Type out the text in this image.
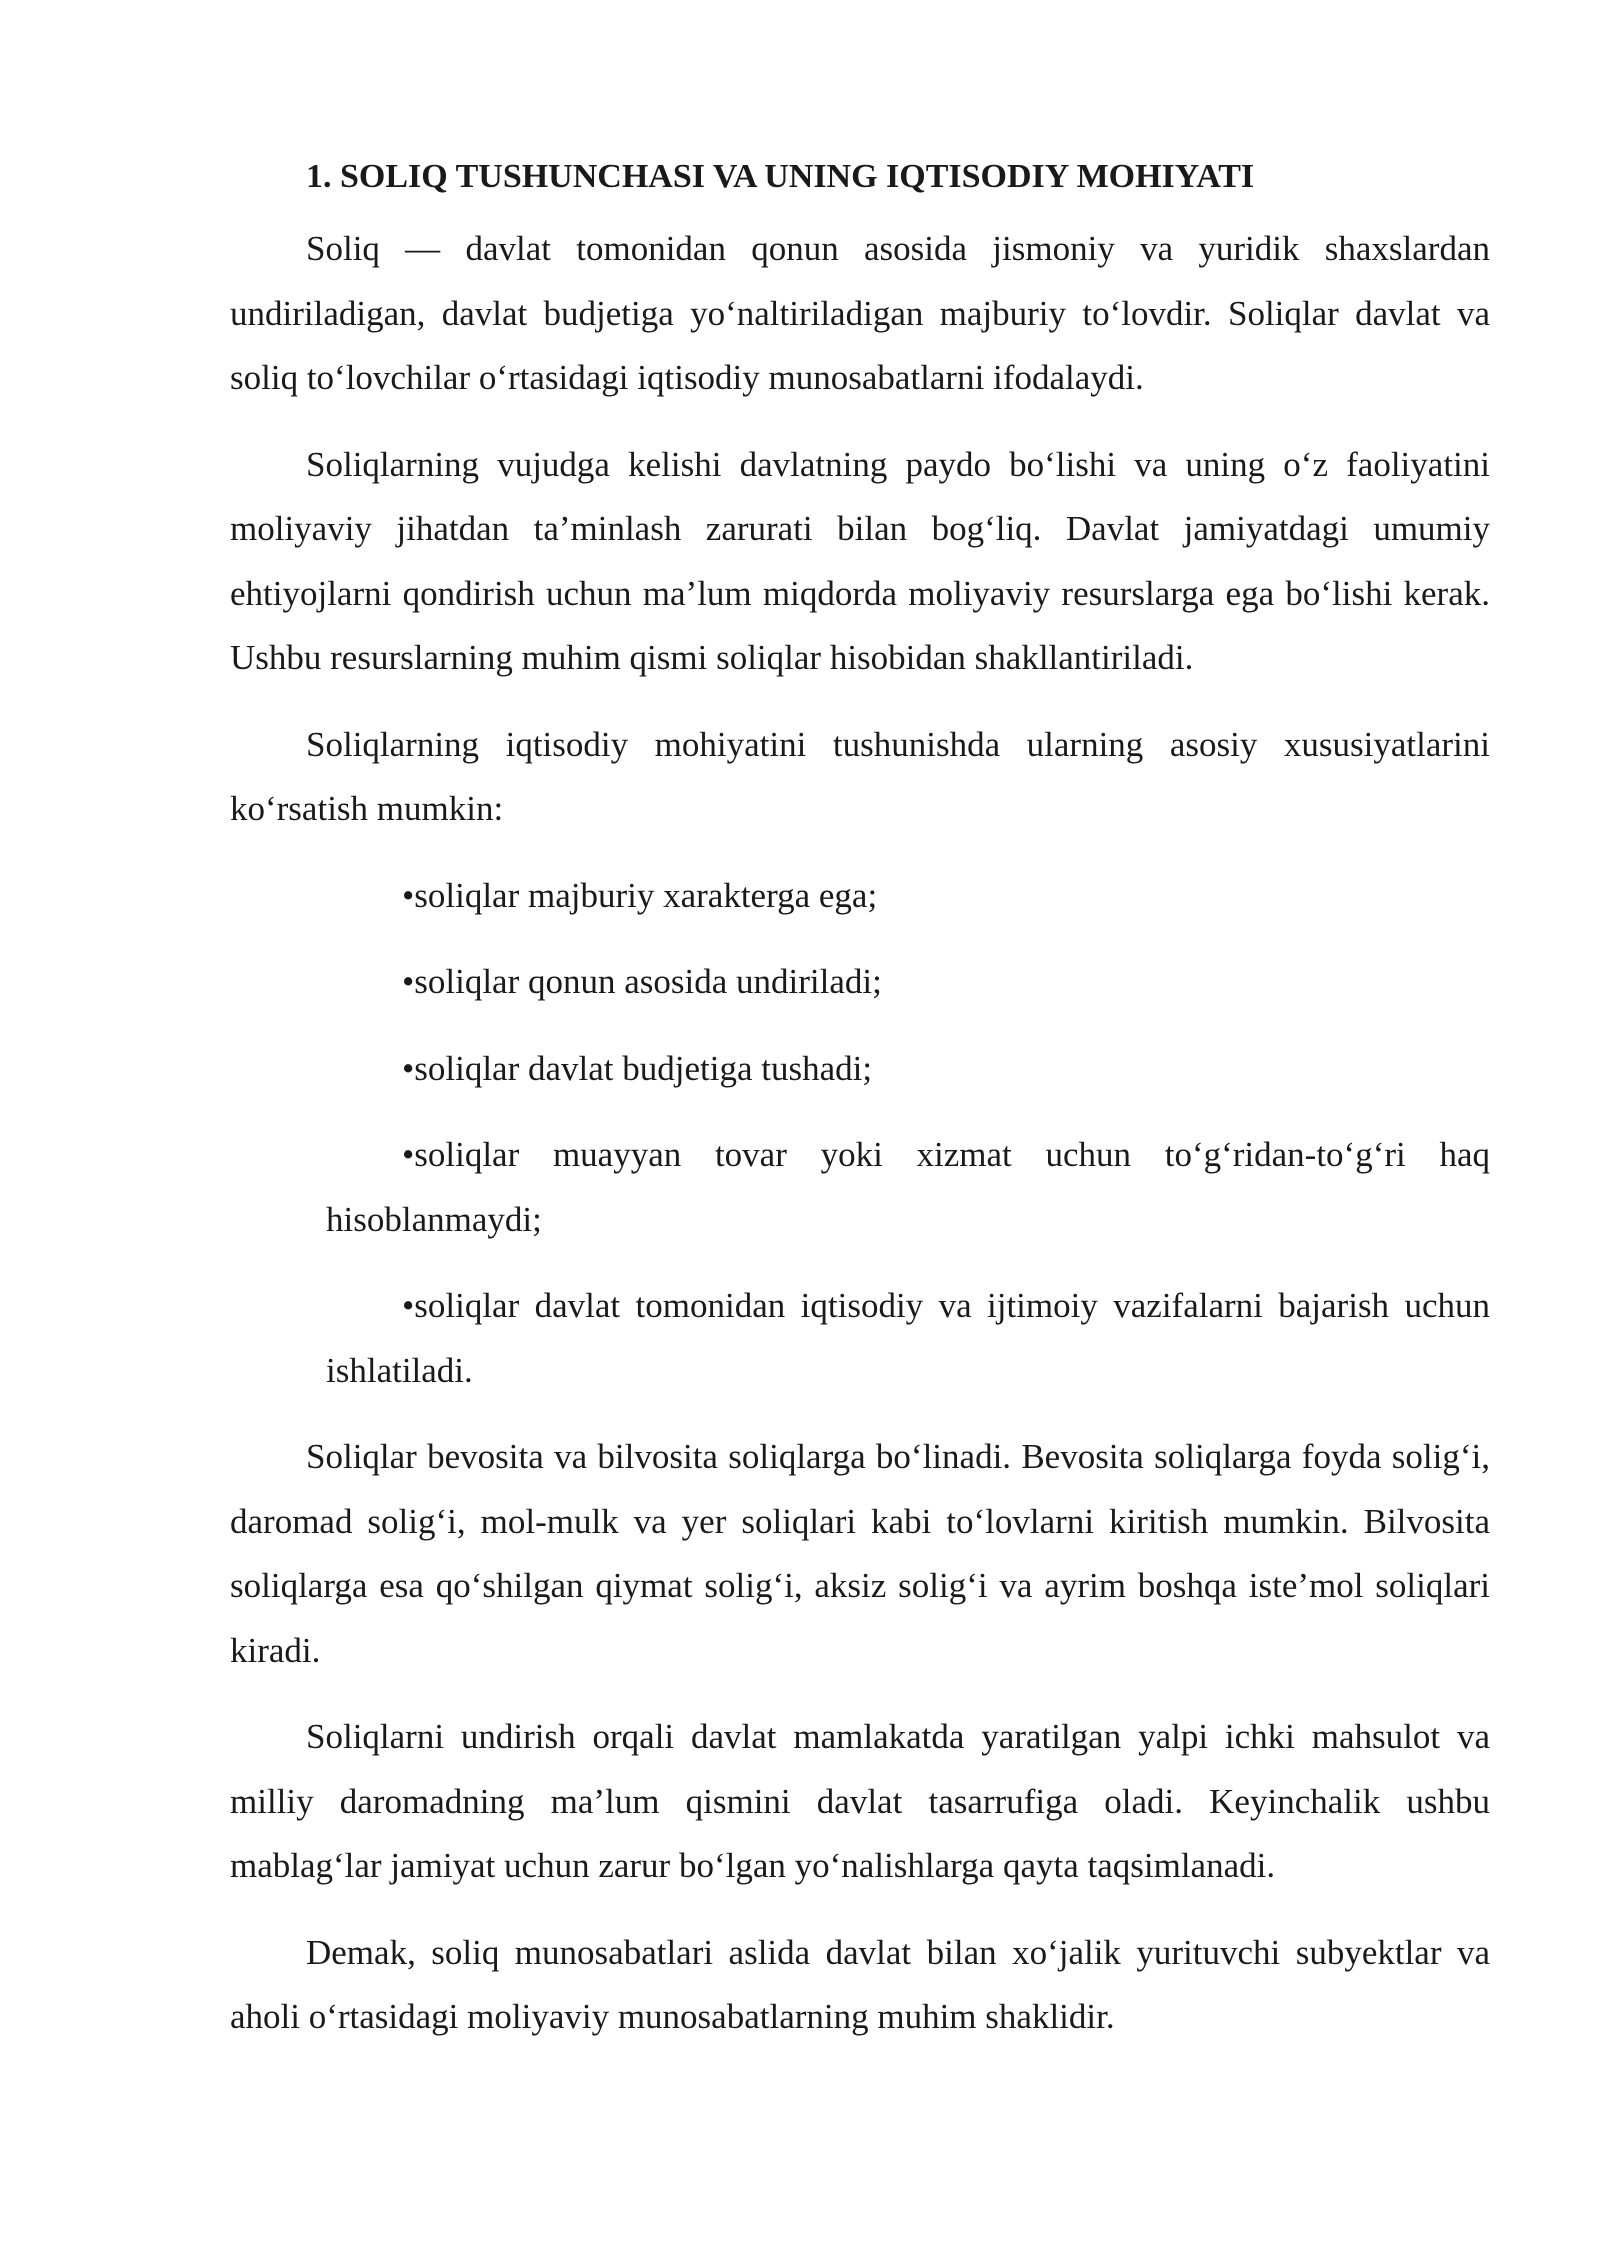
1. SOLIQ TUSHUNCHASI VA UNING IQTISODIY MOHIYATI

Soliq — davlat tomonidan qonun asosida jismoniy va yuridik shaxslardan undiriladigan, davlat budjetiga yo‘naltiriladigan majburiy to‘lovdir. Soliqlar davlat va soliq to‘lovchilar o‘rtasidagi iqtisodiy munosabatlarni ifodalaydi.

Soliqlarning vujudga kelishi davlatning paydo bo‘lishi va uning o‘z faoliyatini moliyaviy jihatdan ta’minlash zarurati bilan bog‘liq. Davlat jamiyatdagi umumiy ehtiyojlarni qondirish uchun ma’lum miqdorda moliyaviy resurslarga ega bo‘lishi kerak. Ushbu resurslarning muhim qismi soliqlar hisobidan shakllantiriladi.

Soliqlarning iqtisodiy mohiyatini tushunishda ularning asosiy xususiyatlarini ko‘rsatish mumkin:

•soliqlar majburiy xarakterga ega;
•soliqlar qonun asosida undiriladi;
•soliqlar davlat budjetiga tushadi;
•soliqlar muayyan tovar yoki xizmat uchun to‘g‘ridan-to‘g‘ri haq hisoblanmaydi;
•soliqlar davlat tomonidan iqtisodiy va ijtimoiy vazifalarni bajarish uchun ishlatiladi.

Soliqlar bevosita va bilvosita soliqlarga bo‘linadi. Bevosita soliqlarga foyda solig‘i, daromad solig‘i, mol-mulk va yer soliqlari kabi to‘lovlarni kiritish mumkin. Bilvosita soliqlarga esa qo‘shilgan qiymat solig‘i, aksiz solig‘i va ayrim boshqa iste’mol soliqlari kiradi.

Soliqlarni undirish orqali davlat mamlakatda yaratilgan yalpi ichki mahsulot va milliy daromadning ma’lum qismini davlat tasarrufiga oladi. Keyinchalik ushbu mablag‘lar jamiyat uchun zarur bo‘lgan yo‘nalishlarga qayta taqsimlanadi.

Demak, soliq munosabatlari aslida davlat bilan xo‘jalik yurituvchi subyektlar va aholi o‘rtasidagi moliyaviy munosabatlarning muhim shaklidir.
